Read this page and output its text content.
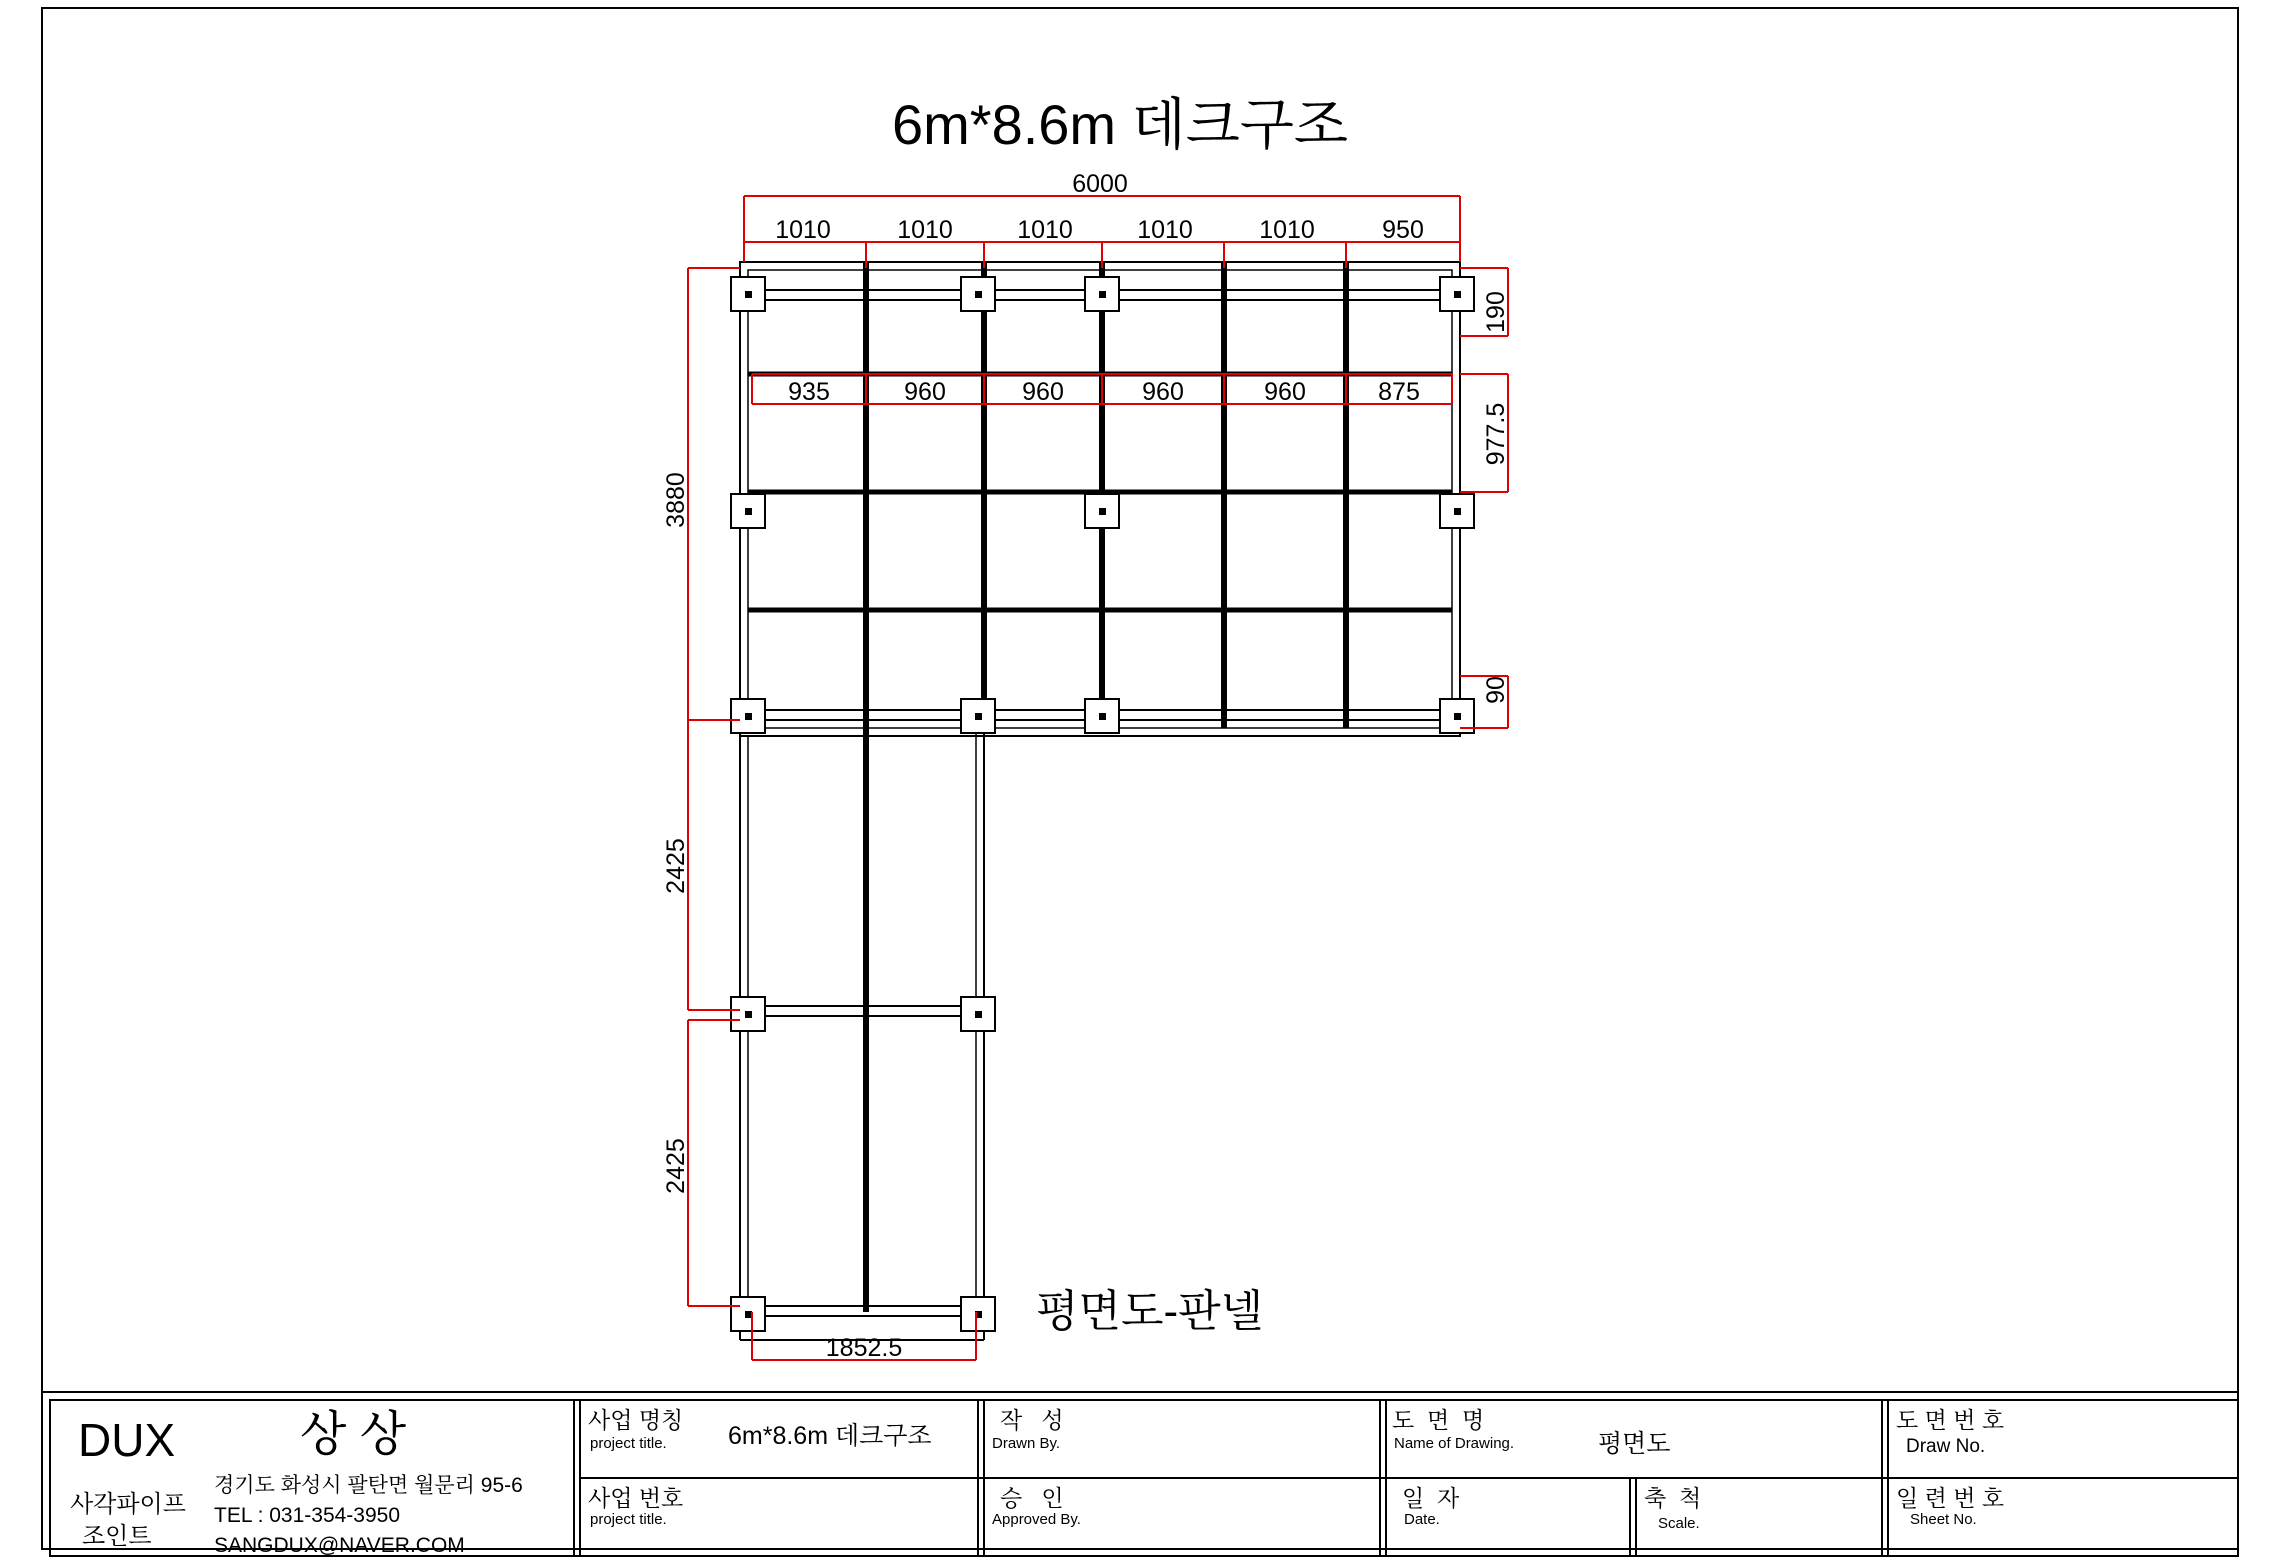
6m*8.6m 데크구조
6000
1010	1010	1010	1010	1010	950
935	960	960	960	960	875
190
977.5
90
3880
2425
2425
1852.5
평면도-판넬
DUX	상 상
사각파이프
조인트
경기도 화성시 팔탄면 월문리 95-6
TEL : 031-354-3950
SANGDUX@NAVER.COM
사업 명칭
project title. 6m*8.6m 데크구조
사업 번호
project title.
작   성
Drawn By.
승   인
Approved By.
도  면  명
Name of Drawing.	평면도
일  자
Date.
축  척
Scale.
도 면 번 호
Draw No.
일 련 번 호
Sheet No.
